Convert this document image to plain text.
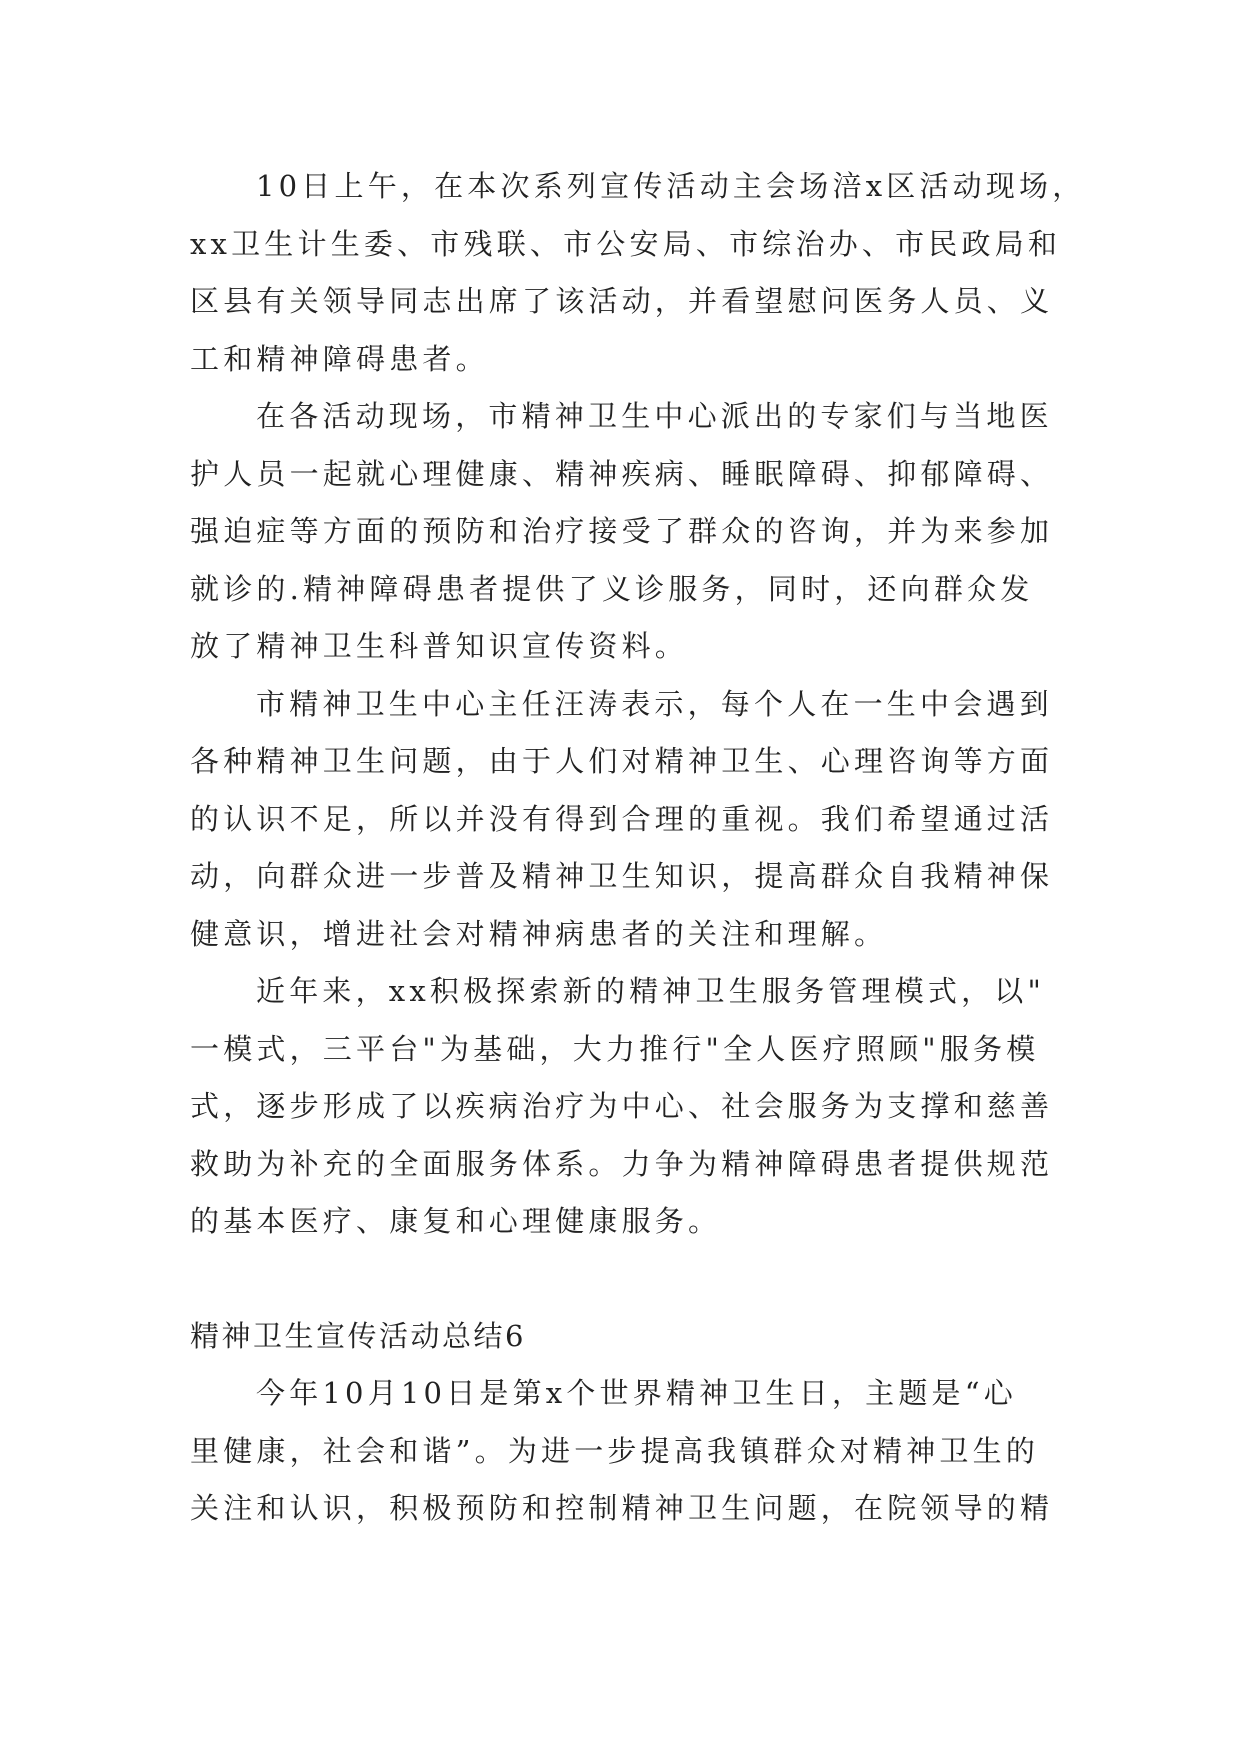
10日上午，在本次系列宣传活动主会场涪x区活动现场，
xx卫生计生委、市残联、市公安局、市综治办、市民政局和
区县有关领导同志出席了该活动，并看望慰问医务人员、义
工和精神障碍患者。
在各活动现场，市精神卫生中心派出的专家们与当地医
护人员一起就心理健康、精神疾病、睡眠障碍、抑郁障碍、
强迫症等方面的预防和治疗接受了群众的咨询，并为来参加
就诊的.精神障碍患者提供了义诊服务，同时，还向群众发
放了精神卫生科普知识宣传资料。
市精神卫生中心主任汪涛表示，每个人在一生中会遇到
各种精神卫生问题，由于人们对精神卫生、心理咨询等方面
的认识不足，所以并没有得到合理的重视。我们希望通过活
动，向群众进一步普及精神卫生知识，提高群众自我精神保
健意识，增进社会对精神病患者的关注和理解。
近年来，xx积极探索新的精神卫生服务管理模式，以"
一模式，三平台"为基础，大力推行"全人医疗照顾"服务模
式，逐步形成了以疾病治疗为中心、社会服务为支撑和慈善
救助为补充的全面服务体系。力争为精神障碍患者提供规范
的基本医疗、康复和心理健康服务。
精神卫生宣传活动总结6
今年10月10日是第x个世界精神卫生日，主题是“心
里健康，社会和谐”。为进一步提高我镇群众对精神卫生的
关注和认识，积极预防和控制精神卫生问题，在院领导的精
